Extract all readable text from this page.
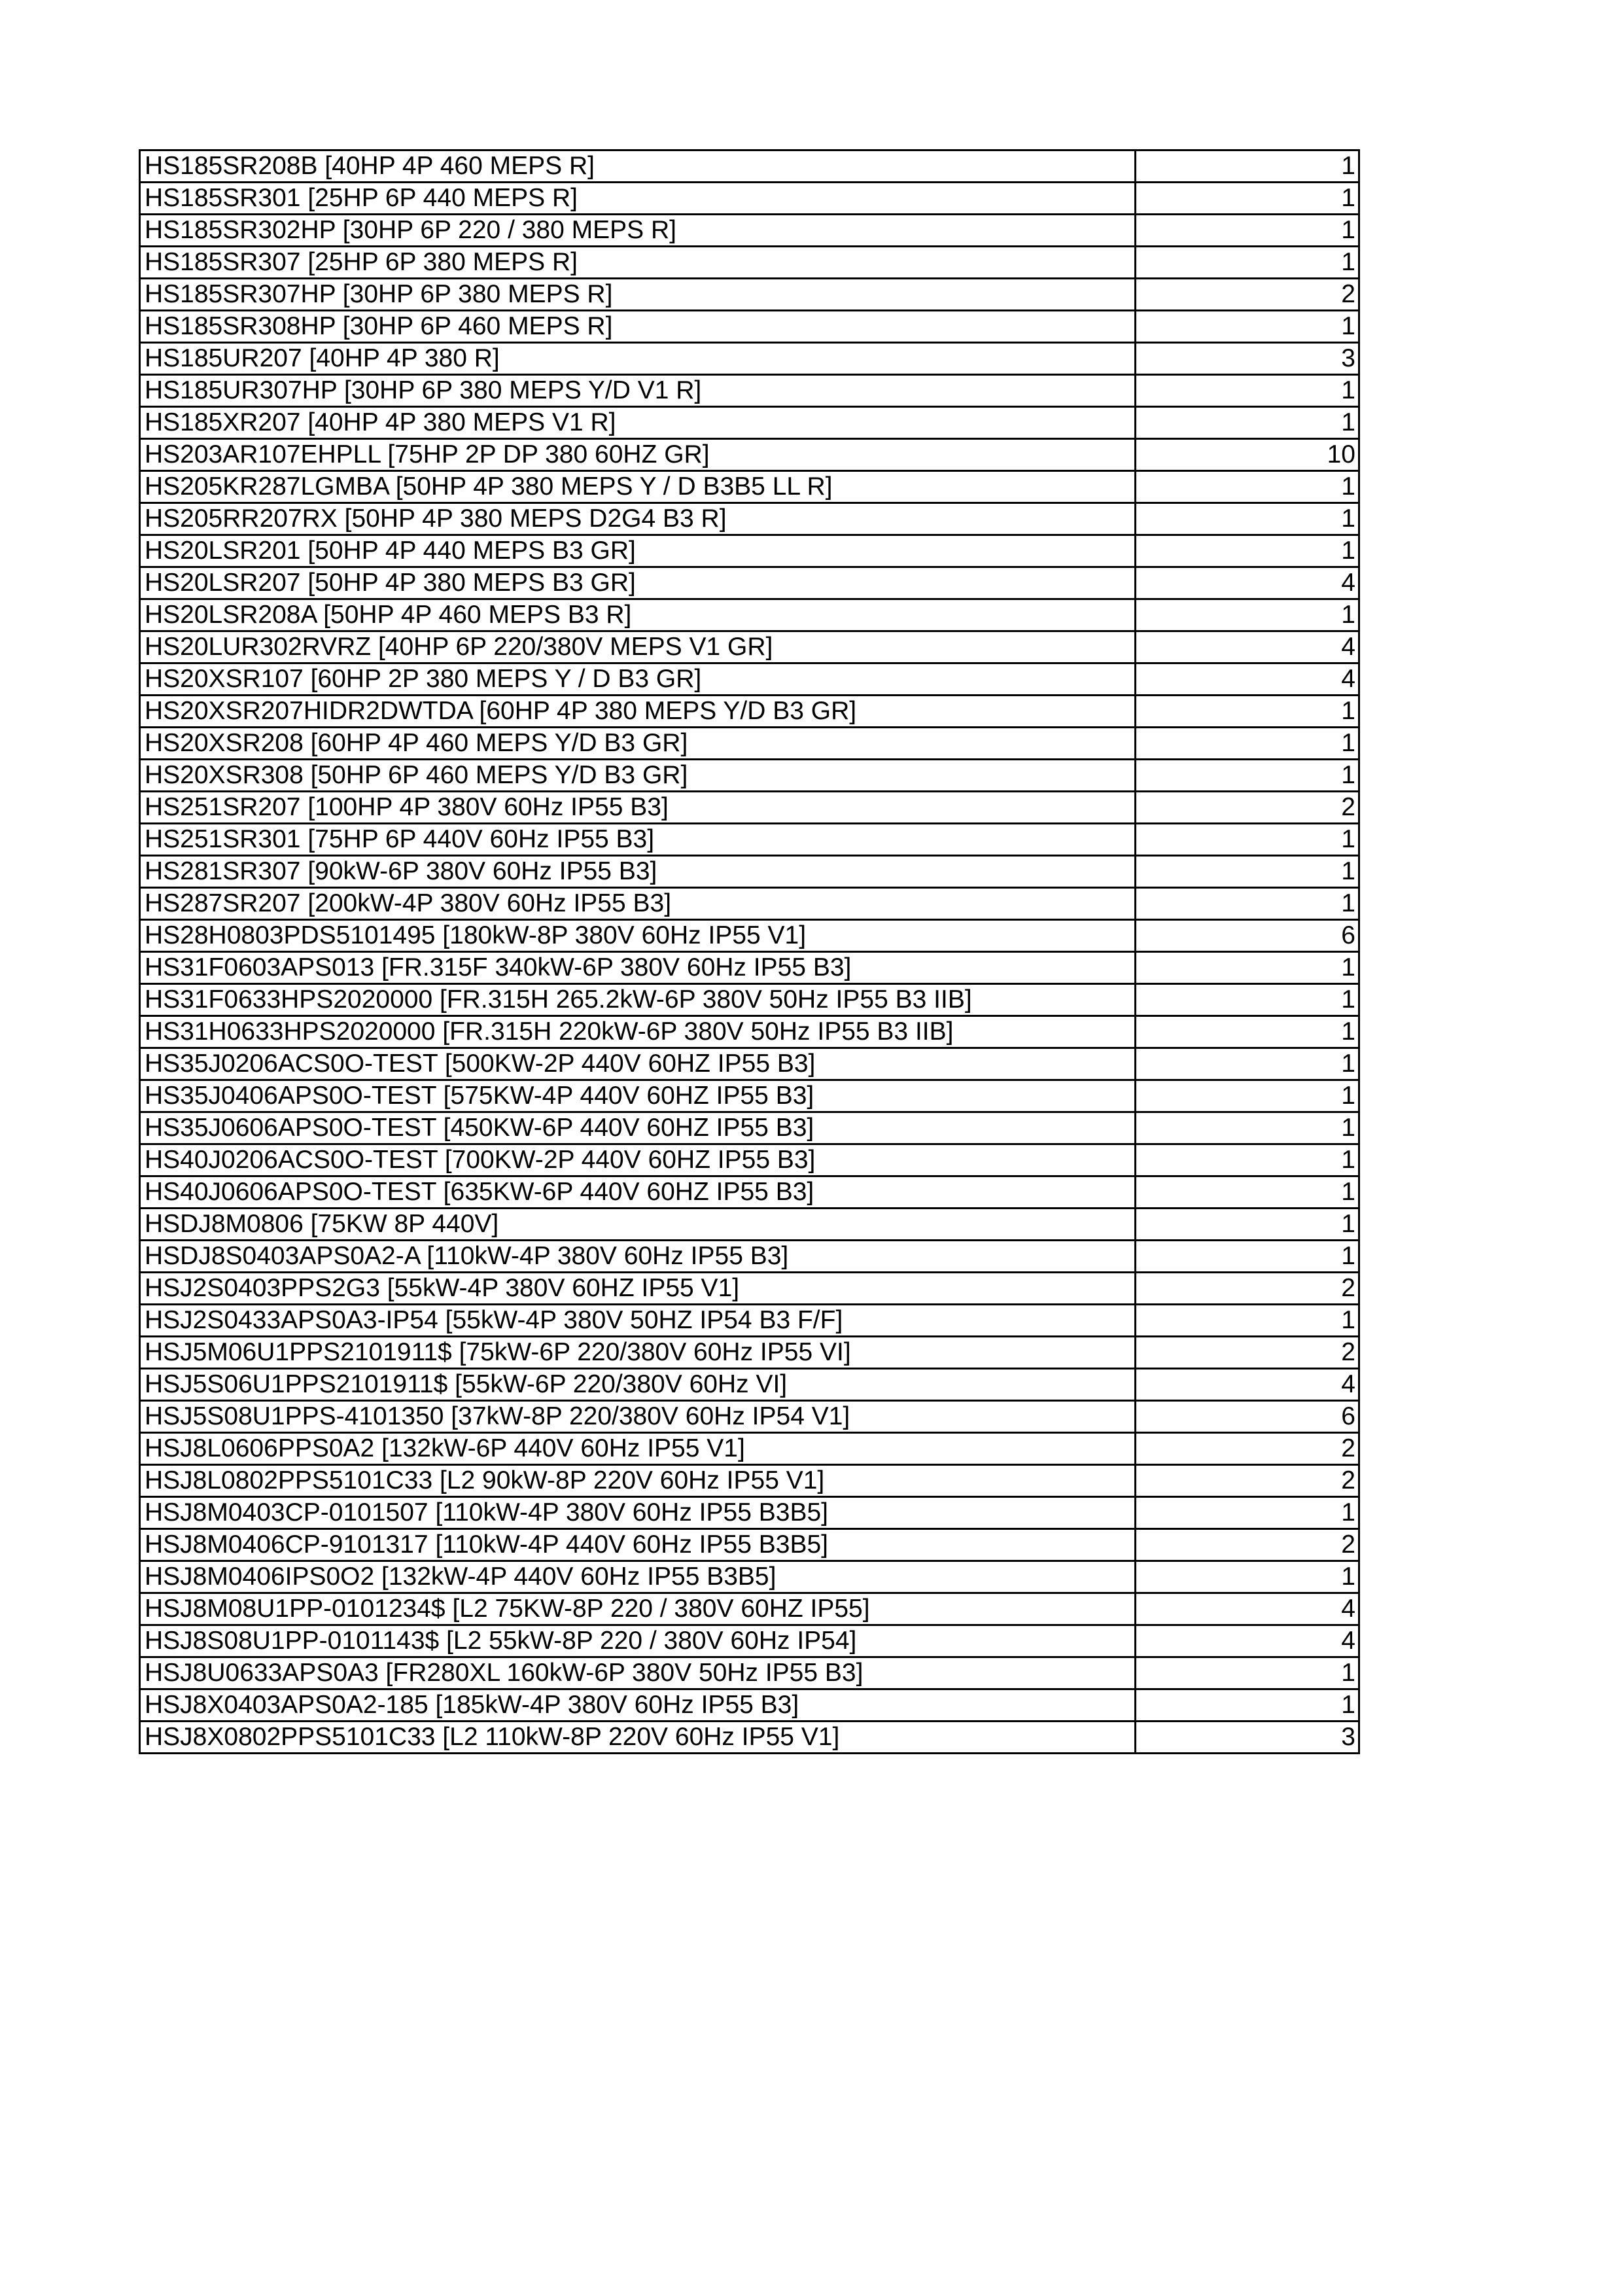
HS185SR208B [40HP 4P 460 MEPS R]	1
HS185SR301 [25HP 6P 440 MEPS R]	1
HS185SR302HP [30HP 6P 220 / 380 MEPS R]	1
HS185SR307 [25HP 6P 380 MEPS R]	1
HS185SR307HP [30HP 6P 380 MEPS R]	2
HS185SR308HP [30HP 6P 460 MEPS R]	1
HS185UR207 [40HP 4P 380 R]	3
HS185UR307HP [30HP 6P 380 MEPS Y/D V1 R]	1
HS185XR207 [40HP 4P 380 MEPS V1 R]	1
HS203AR107EHPLL [75HP 2P DP 380 60HZ GR]	10
HS205KR287LGMBA [50HP 4P 380 MEPS Y / D B3B5 LL R]	1
HS205RR207RX [50HP 4P 380 MEPS D2G4 B3 R]	1
HS20LSR201 [50HP 4P 440 MEPS B3 GR]	1
HS20LSR207 [50HP 4P 380 MEPS B3 GR]	4
HS20LSR208A [50HP 4P 460 MEPS B3 R]	1
HS20LUR302RVRZ [40HP 6P 220/380V MEPS V1 GR]	4
HS20XSR107 [60HP 2P 380 MEPS Y / D B3 GR]	4
HS20XSR207HIDR2DWTDA [60HP 4P 380 MEPS Y/D B3 GR]	1
HS20XSR208 [60HP 4P 460 MEPS Y/D B3 GR]	1
HS20XSR308 [50HP 6P 460 MEPS Y/D B3 GR]	1
HS251SR207 [100HP 4P 380V 60Hz IP55 B3]	2
HS251SR301 [75HP 6P 440V 60Hz IP55 B3]	1
HS281SR307 [90kW-6P 380V 60Hz IP55 B3]	1
HS287SR207 [200kW-4P 380V 60Hz IP55 B3]	1
HS28H0803PDS5101495 [180kW-8P 380V 60Hz IP55 V1]	6
HS31F0603APS013 [FR.315F 340kW-6P 380V 60Hz IP55 B3]	1
HS31F0633HPS2020000 [FR.315H 265.2kW-6P 380V 50Hz IP55 B3 IIB]	1
HS31H0633HPS2020000 [FR.315H 220kW-6P 380V 50Hz IP55 B3 IIB]	1
HS35J0206ACS0O-TEST [500KW-2P 440V 60HZ IP55 B3]	1
HS35J0406APS0O-TEST [575KW-4P 440V 60HZ IP55 B3]	1
HS35J0606APS0O-TEST [450KW-6P 440V 60HZ IP55 B3]	1
HS40J0206ACS0O-TEST [700KW-2P 440V 60HZ IP55 B3]	1
HS40J0606APS0O-TEST [635KW-6P 440V 60HZ IP55 B3]	1
HSDJ8M0806 [75KW 8P 440V]	1
HSDJ8S0403APS0A2-A [110kW-4P 380V 60Hz IP55 B3]	1
HSJ2S0403PPS2G3 [55kW-4P 380V 60HZ IP55 V1]	2
HSJ2S0433APS0A3-IP54 [55kW-4P 380V 50HZ IP54 B3 F/F]	1
HSJ5M06U1PPS2101911$ [75kW-6P 220/380V 60Hz IP55 VI]	2
HSJ5S06U1PPS2101911$ [55kW-6P 220/380V 60Hz VI]	4
HSJ5S08U1PPS-4101350 [37kW-8P 220/380V 60Hz IP54 V1]	6
HSJ8L0606PPS0A2 [132kW-6P 440V 60Hz IP55 V1]	2
HSJ8L0802PPS5101C33 [L2 90kW-8P 220V 60Hz IP55 V1]	2
HSJ8M0403CP-0101507 [110kW-4P 380V 60Hz IP55 B3B5]	1
HSJ8M0406CP-9101317 [110kW-4P 440V 60Hz IP55 B3B5]	2
HSJ8M0406IPS0O2 [132kW-4P 440V 60Hz IP55 B3B5]	1
HSJ8M08U1PP-0101234$ [L2 75KW-8P 220 / 380V 60HZ IP55]	4
HSJ8S08U1PP-0101143$ [L2 55kW-8P 220 / 380V 60Hz IP54]	4
HSJ8U0633APS0A3 [FR280XL 160kW-6P 380V 50Hz IP55 B3]	1
HSJ8X0403APS0A2-185 [185kW-4P 380V 60Hz IP55 B3]	1
HSJ8X0802PPS5101C33 [L2 110kW-8P 220V 60Hz IP55 V1]	3
